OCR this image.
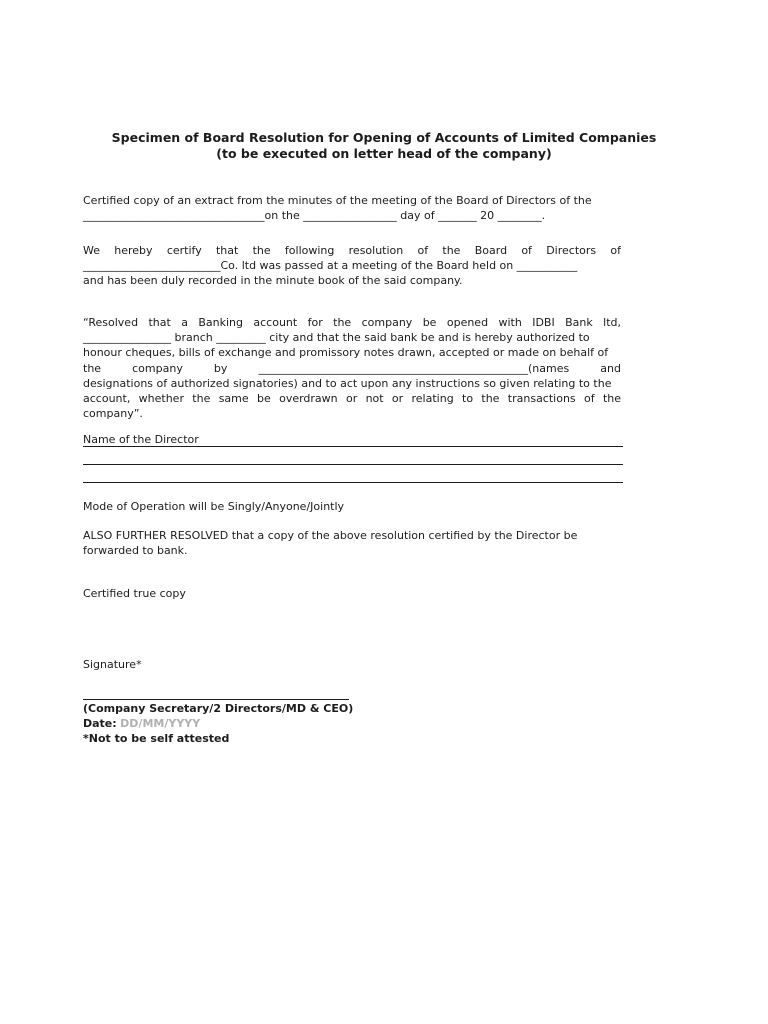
Specimen of Board Resolution for Opening of Accounts of Limited Companies
(to be executed on letter head of the company)
Certified copy of an extract from the minutes of the meeting of the Board of Directors of the
_________________________________on the _________________ day of _______ 20 ________.
We hereby certify that the following resolution of the Board of Directors of
_________________________Co. ltd was passed at a meeting of the Board held on ___________
and has been duly recorded in the minute book of the said company.
“Resolved that a Banking account for the company be opened with IDBI Bank ltd,
________________ branch _________ city and that the said bank be and is hereby authorized to
honour cheques, bills of exchange and promissory notes drawn, accepted or made on behalf of
the company by _________________________________________________(names and
designations of authorized signatories) and to act upon any instructions so given relating to the
account, whether the same be overdrawn or not or relating to the transactions of the
company”.
Name of the Director
Mode of Operation will be Singly/Anyone/Jointly
ALSO FURTHER RESOLVED that a copy of the above resolution certified by the Director be
forwarded to bank.
Certified true copy
Signature*
(Company Secretary/2 Directors/MD & CEO)
Date: DD/MM/YYYY
*Not to be self attested
